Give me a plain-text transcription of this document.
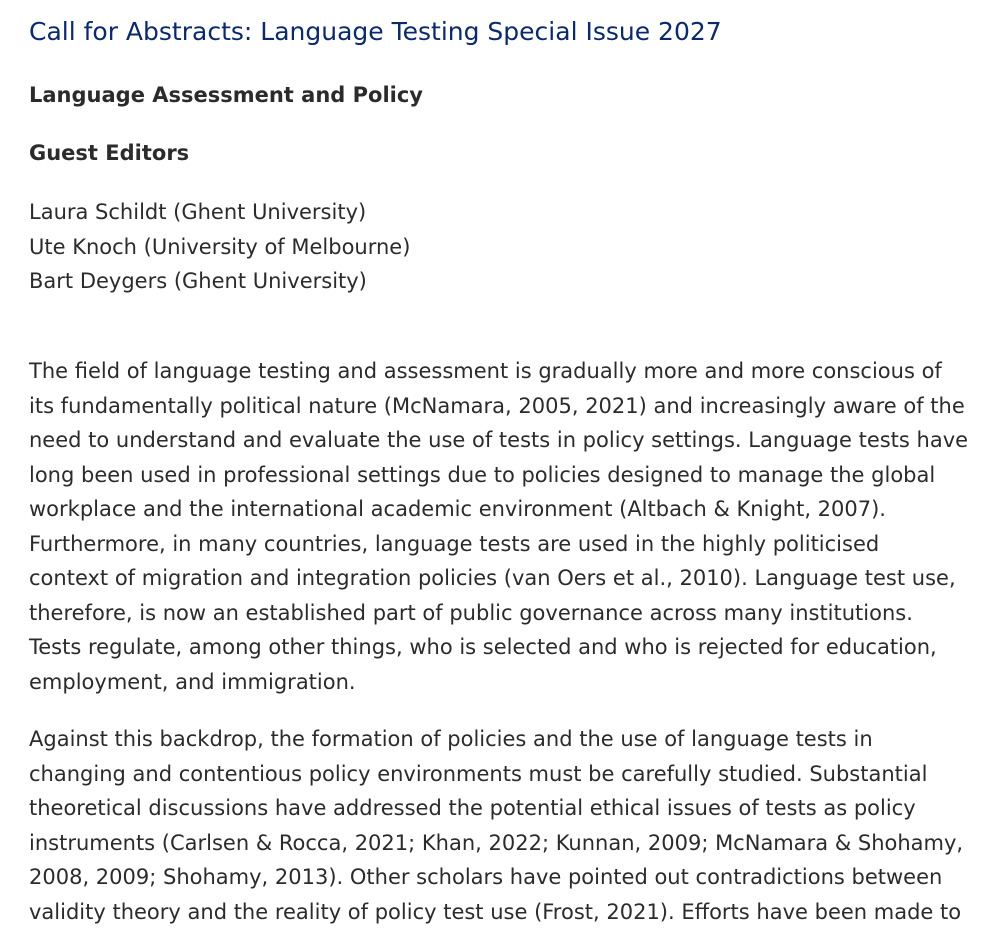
Call for Abstracts: Language Testing Special Issue 2027
Language Assessment and Policy
Guest Editors
Laura Schildt (Ghent University)
Ute Knoch (University of Melbourne)
Bart Deygers (Ghent University)

The field of language testing and assessment is gradually more and more conscious of
its fundamentally political nature (McNamara, 2005, 2021) and increasingly aware of the
need to understand and evaluate the use of tests in policy settings. Language tests have
long been used in professional settings due to policies designed to manage the global
workplace and the international academic environment (Altbach & Knight, 2007).
Furthermore, in many countries, language tests are used in the highly politicised
context of migration and integration policies (van Oers et al., 2010). Language test use,
therefore, is now an established part of public governance across many institutions.
Tests regulate, among other things, who is selected and who is rejected for education,
employment, and immigration.

Against this backdrop, the formation of policies and the use of language tests in
changing and contentious policy environments must be carefully studied. Substantial
theoretical discussions have addressed the potential ethical issues of tests as policy
instruments (Carlsen & Rocca, 2021; Khan, 2022; Kunnan, 2009; McNamara & Shohamy,
2008, 2009; Shohamy, 2013). Other scholars have pointed out contradictions between
validity theory and the reality of policy test use (Frost, 2021). Efforts have been made to
